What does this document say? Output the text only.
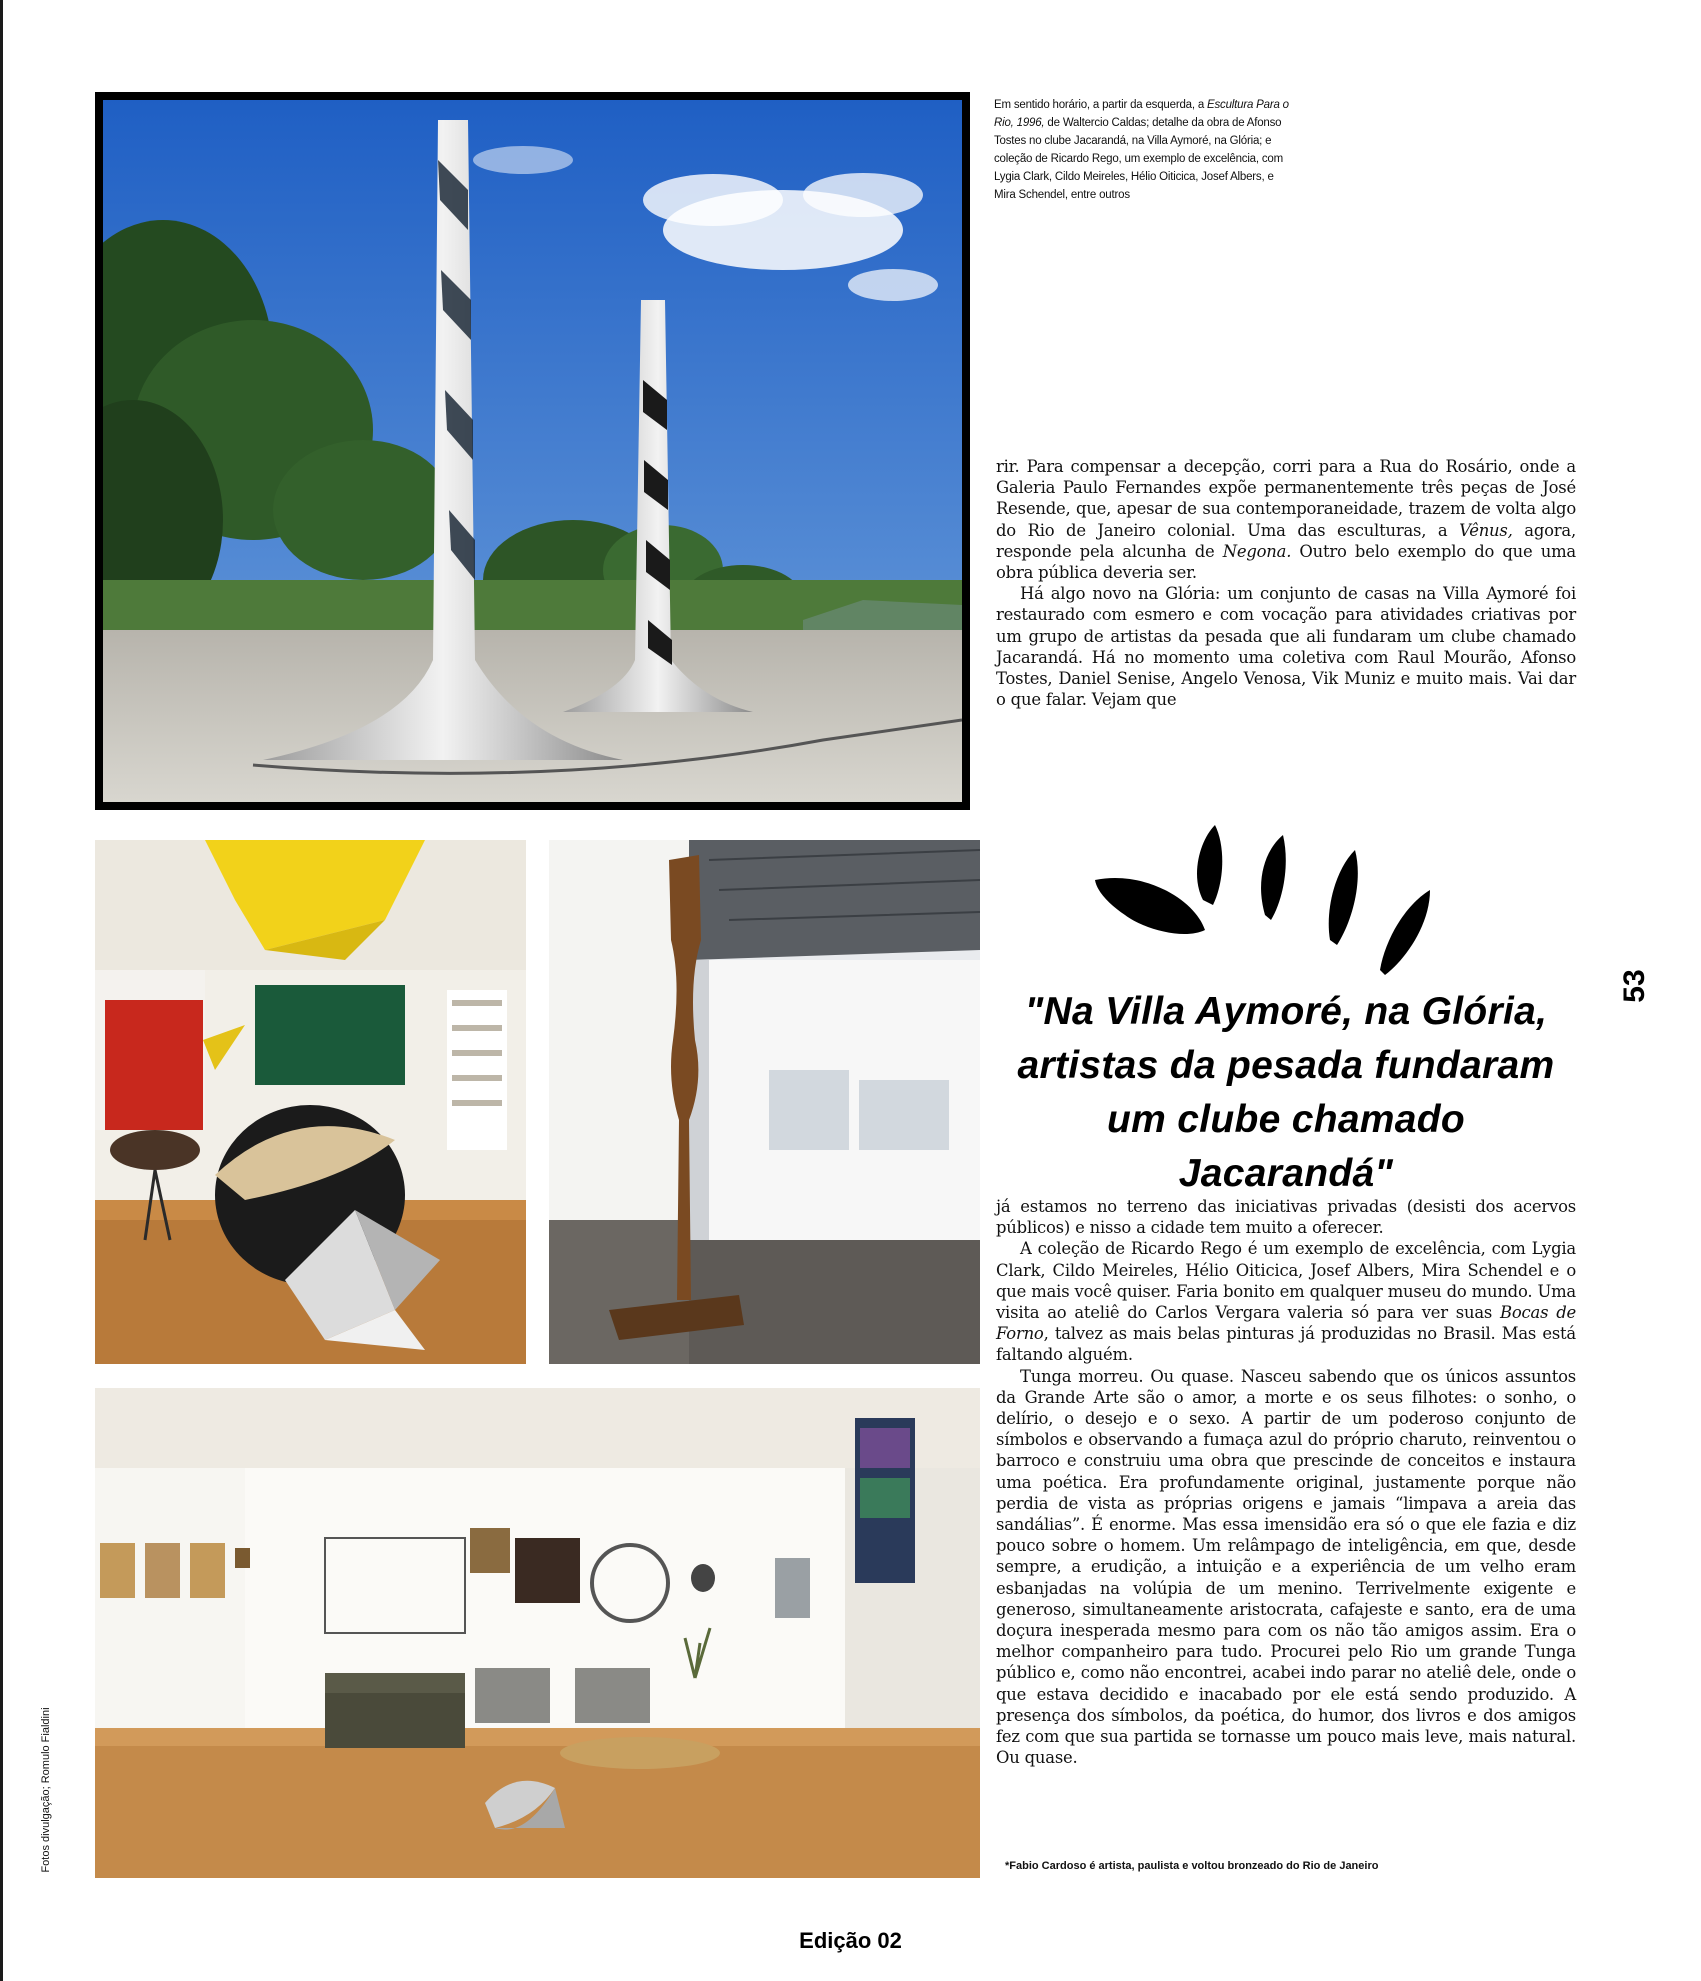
Em sentido horário, a partir da esquerda, a Escultura Para o Rio, 1996, de Waltercio Caldas; detalhe da obra de Afonso Tostes no clube Jacarandá, na Villa Aymoré, na Glória; e coleção de Ricardo Rego, um exemplo de excelência, com Lygia Clark, Cildo Meireles, Hélio Oiticica, Josef Albers, e Mira Schendel, entre outros

rir. Para compensar a decepção, corri para a Rua do Rosário, onde a Galeria Paulo Fernandes expõe permanentemente três peças de José Resende, que, apesar de sua contemporaneidade, trazem de volta algo do Rio de Janeiro colonial. Uma das esculturas, a Vênus, agora, responde pela alcunha de Negona. Outro belo exemplo do que uma obra pública deveria ser.

Há algo novo na Glória: um conjunto de casas na Villa Aymoré foi restaurado com esmero e com vocação para atividades criativas por um grupo de artistas da pesada que ali fundaram um clube chamado Jacarandá. Há no momento uma coletiva com Raul Mourão, Afonso Tostes, Daniel Senise, Angelo Venosa, Vik Muniz e muito mais. Vai dar o que falar. Vejam que

"Na Villa Aymoré, na Glória,
artistas da pesada fundaram
um clube chamado Jacarandá"
53

já estamos no terreno das iniciativas privadas (desisti dos acervos públicos) e nisso a cidade tem muito a oferecer.

A coleção de Ricardo Rego é um exemplo de excelência, com Lygia Clark, Cildo Meireles, Hélio Oiticica, Josef Albers, Mira Schendel e o que mais você quiser. Faria bonito em qualquer museu do mundo. Uma visita ao ateliê do Carlos Vergara valeria só para ver suas Bocas de Forno, talvez as mais belas pinturas já produzidas no Brasil. Mas está faltando alguém.

Tunga morreu. Ou quase. Nasceu sabendo que os únicos assuntos da Grande Arte são o amor, a morte e os seus filhotes: o sonho, o delírio, o desejo e o sexo. A partir de um poderoso conjunto de símbolos e observando a fumaça azul do próprio charuto, reinventou o barroco e construiu uma obra que prescinde de conceitos e instaura uma poética. Era profundamente original, justamente porque não perdia de vista as próprias origens e jamais “limpava a areia das sandálias”. É enorme. Mas essa imensidão era só o que ele fazia e diz pouco sobre o homem. Um relâmpago de inteligência, em que, desde sempre, a erudição, a intuição e a experiência de um velho eram esbanjadas na volúpia de um menino. Terrivelmente exigente e generoso, simultaneamente aristocrata, cafajeste e santo, era de uma doçura inesperada mesmo para com os não tão amigos assim. Era o melhor companheiro para tudo. Procurei pelo Rio um grande Tunga público e, como não encontrei, acabei indo parar no ateliê dele, onde o que estava decidido e inacabado por ele está sendo produzido. A presença dos símbolos, da poética, do humor, dos livros e dos amigos fez com que sua partida se tornasse um pouco mais leve, mais natural. Ou quase.

Fotos divulgação; Romulo Fialdini	*Fabio Cardoso é artista, paulista e voltou bronzeado do Rio de Janeiro
Edição 02
